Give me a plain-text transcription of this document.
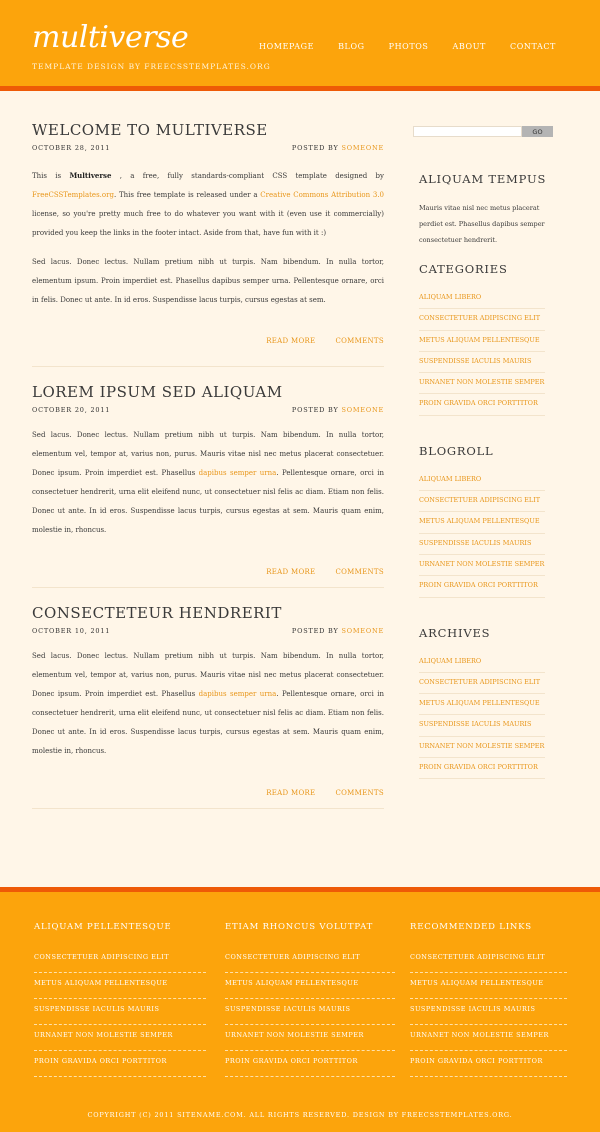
multiverse
TEMPLATE DESIGN BY FREECSSTEMPLATES.ORG
HOMEPAGE	BLOG	PHOTOS	ABOUT	CONTACT
WELCOME TO MULTIVERSE
OCTOBER 28, 2011	POSTED BY SOMEONE

This is Multiverse , a free, fully standards-compliant CSS template designed by FreeCSSTemplates.org. This free template is released under a Creative Commons Attribution 3.0 license, so you're pretty much free to do whatever you want with it (even use it commercially) provided you keep the links in the footer intact. Aside from that, have fun with it :)

Sed lacus. Donec lectus. Nullam pretium nibh ut turpis. Nam bibendum. In nulla tortor, elementum ipsum. Proin imperdiet est. Phasellus dapibus semper urna. Pellentesque ornare, orci in felis. Donec ut ante. In id eros. Suspendisse lacus turpis, cursus egestas at sem.

READ MORE	COMMENTS
LOREM IPSUM SED ALIQUAM
OCTOBER 20, 2011	POSTED BY SOMEONE

Sed lacus. Donec lectus. Nullam pretium nibh ut turpis. Nam bibendum. In nulla tortor, elementum vel, tempor at, varius non, purus. Mauris vitae nisl nec metus placerat consectetuer. Donec ipsum. Proin imperdiet est. Phasellus dapibus semper urna. Pellentesque ornare, orci in consectetuer hendrerit, urna elit eleifend nunc, ut consectetuer nisl felis ac diam. Etiam non felis. Donec ut ante. In id eros. Suspendisse lacus turpis, cursus egestas at sem. Mauris quam enim, molestie in, rhoncus.

READ MORE	COMMENTS
CONSECTETEUR HENDRERIT
OCTOBER 10, 2011	POSTED BY SOMEONE

Sed lacus. Donec lectus. Nullam pretium nibh ut turpis. Nam bibendum. In nulla tortor, elementum vel, tempor at, varius non, purus. Mauris vitae nisl nec metus placerat consectetuer. Donec ipsum. Proin imperdiet est. Phasellus dapibus semper urna. Pellentesque ornare, orci in consectetuer hendrerit, urna elit eleifend nunc, ut consectetuer nisl felis ac diam. Etiam non felis. Donec ut ante. In id eros. Suspendisse lacus turpis, cursus egestas at sem. Mauris quam enim, molestie in, rhoncus.

READ MORE	COMMENTS
GO
ALIQUAM TEMPUS

Mauris vitae nisl nec metus placerat perdiet est. Phasellus dapibus semper consectetuer hendrerit.

CATEGORIES
ALIQUAM LIBERO
CONSECTETUER ADIPISCING ELIT
METUS ALIQUAM PELLENTESQUE
SUSPENDISSE IACULIS MAURIS
URNANET NON MOLESTIE SEMPER
PROIN GRAVIDA ORCI PORTTITOR
BLOGROLL
ALIQUAM LIBERO
CONSECTETUER ADIPISCING ELIT
METUS ALIQUAM PELLENTESQUE
SUSPENDISSE IACULIS MAURIS
URNANET NON MOLESTIE SEMPER
PROIN GRAVIDA ORCI PORTTITOR
ARCHIVES
ALIQUAM LIBERO
CONSECTETUER ADIPISCING ELIT
METUS ALIQUAM PELLENTESQUE
SUSPENDISSE IACULIS MAURIS
URNANET NON MOLESTIE SEMPER
PROIN GRAVIDA ORCI PORTTITOR
ALIQUAM PELLENTESQUE
CONSECTETUER ADIPISCING ELIT
METUS ALIQUAM PELLENTESQUE
SUSPENDISSE IACULIS MAURIS
URNANET NON MOLESTIE SEMPER
PROIN GRAVIDA ORCI PORTTITOR
ETIAM RHONCUS VOLUTPAT
CONSECTETUER ADIPISCING ELIT
METUS ALIQUAM PELLENTESQUE
SUSPENDISSE IACULIS MAURIS
URNANET NON MOLESTIE SEMPER
PROIN GRAVIDA ORCI PORTTITOR
RECOMMENDED LINKS
CONSECTETUER ADIPISCING ELIT
METUS ALIQUAM PELLENTESQUE
SUSPENDISSE IACULIS MAURIS
URNANET NON MOLESTIE SEMPER
PROIN GRAVIDA ORCI PORTTITOR
COPYRIGHT (C) 2011 SITENAME.COM. ALL RIGHTS RESERVED. DESIGN BY FREECSSTEMPLATES.ORG.
